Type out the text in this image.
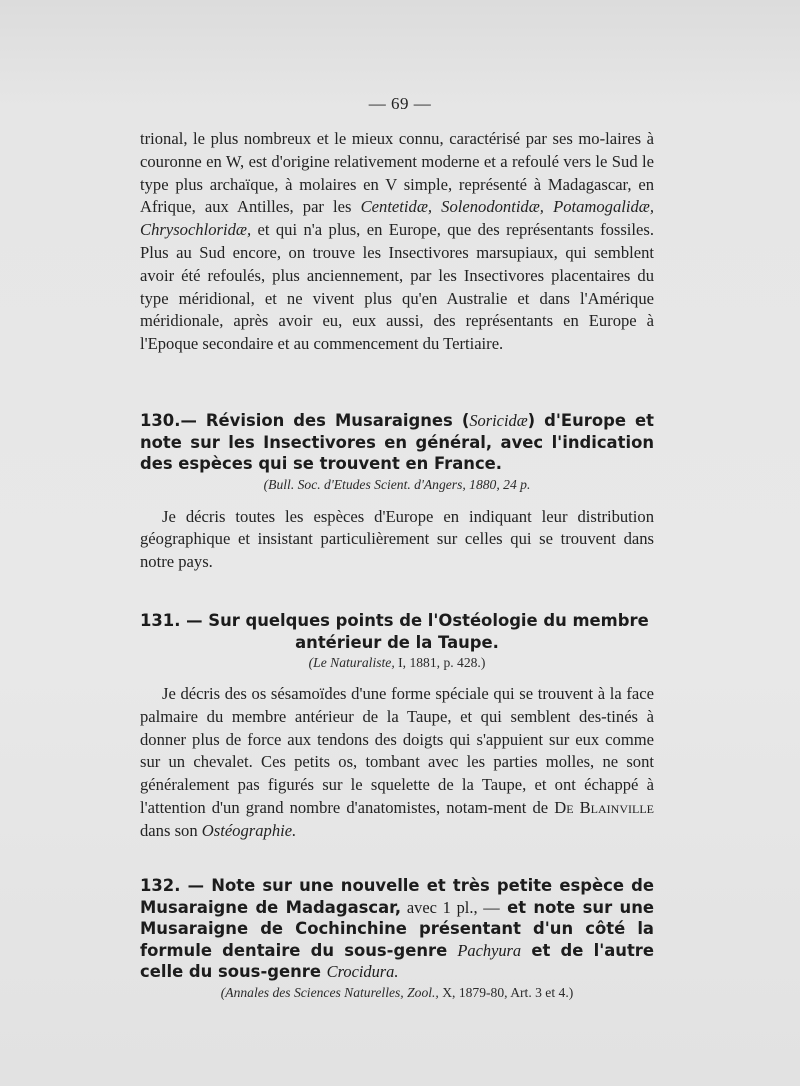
— 69 —

trional, le plus nombreux et le mieux connu, caractérisé par ses mo-laires à couronne en W, est d'origine relativement moderne et a refoulé vers le Sud le type plus archaïque, à molaires en V simple, représenté à Madagascar, en Afrique, aux Antilles, par les Centetidæ, Solenodontidæ, Potamogalidæ, Chrysochloridæ, et qui n'a plus, en Europe, que des représentants fossiles. Plus au Sud encore, on trouve les Insectivores marsupiaux, qui semblent avoir été refoulés, plus anciennement, par les Insectivores placentaires du type méridional, et ne vivent plus qu'en Australie et dans l'Amérique méridionale, après avoir eu, eux aussi, des représentants en Europe à l'Epoque secondaire et au commencement du Tertiaire.

130.— Révision des Musaraignes (Soricidæ) d'Europe et note sur les Insectivores en général, avec l'indication des espèces qui se trouvent en France.
(Bull. Soc. d'Etudes Scient. d'Angers, 1880, 24 p.

Je décris toutes les espèces d'Europe en indiquant leur distribution géographique et insistant particulièrement sur celles qui se trouvent dans notre pays.

131. — Sur quelques points de l'Ostéologie du membre
antérieur de la Taupe.
(Le Naturaliste, I, 1881, p. 428.)

Je décris des os sésamoïdes d'une forme spéciale qui se trouvent à la face palmaire du membre antérieur de la Taupe, et qui semblent des-tinés à donner plus de force aux tendons des doigts qui s'appuient sur eux comme sur un chevalet. Ces petits os, tombant avec les parties molles, ne sont généralement pas figurés sur le squelette de la Taupe, et ont échappé à l'attention d'un grand nombre d'anatomistes, notam-ment de De Blainville dans son Ostéographie.

132. — Note sur une nouvelle et très petite espèce de Musaraigne de Madagascar, avec 1 pl., — et note sur une Musaraigne de Cochinchine présentant d'un côté la formule dentaire du sous-genre Pachyura et de l'autre celle du sous-genre Crocidura.
(Annales des Sciences Naturelles, Zool., X, 1879-80, Art. 3 et 4.)
